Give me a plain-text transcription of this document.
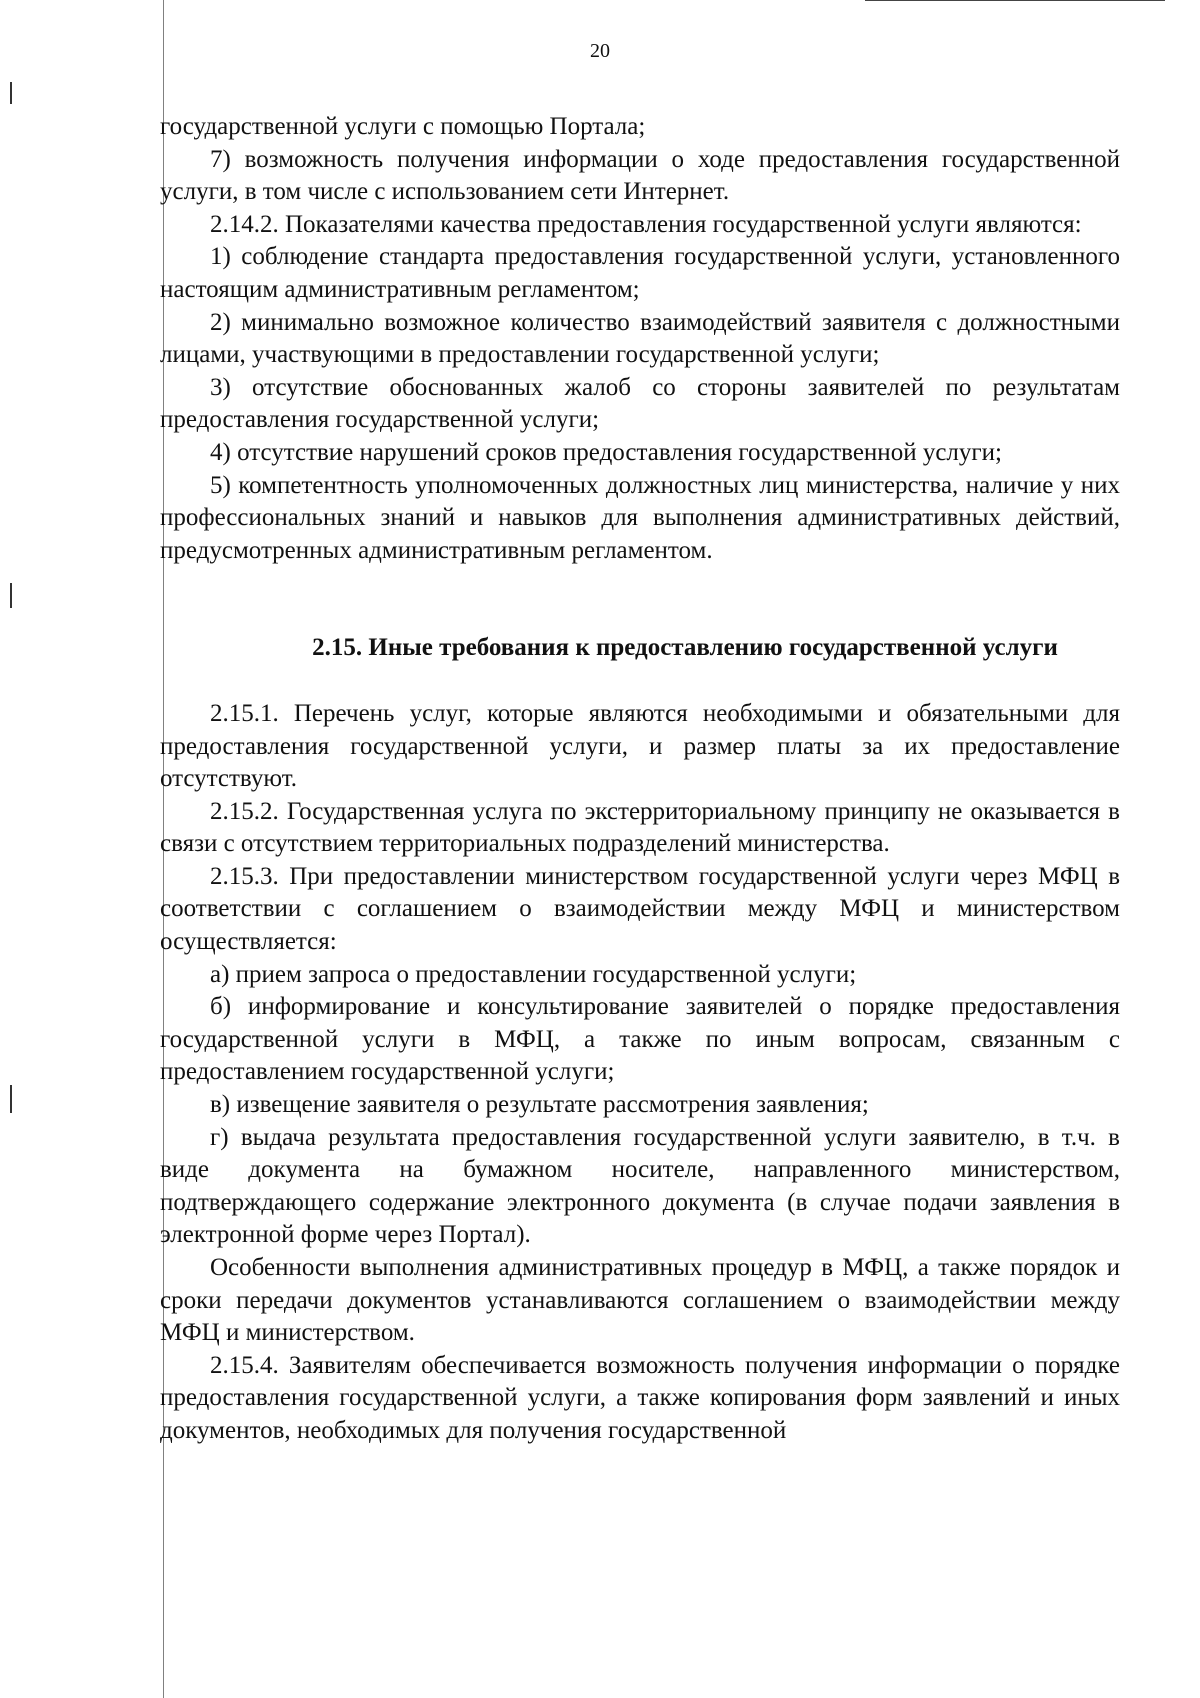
20

государственной услуги с помощью Портала;

7) возможность получения информации о ходе предоставления государственной услуги, в том числе с использованием сети Интернет.

2.14.2. Показателями качества предоставления государственной услуги являются:

1) соблюдение стандарта предоставления государственной услуги, установленного настоящим административным регламентом;

2) минимально возможное количество взаимодействий заявителя с должностными лицами, участвующими в предоставлении государственной услуги;

3) отсутствие обоснованных жалоб со стороны заявителей по результатам предоставления государственной услуги;

4) отсутствие нарушений сроков предоставления государственной услуги;

5) компетентность уполномоченных должностных лиц министерства, наличие у них профессиональных знаний и навыков для выполнения административных действий, предусмотренных административным регламентом.

2.15. Иные требования к предоставлению государственной услуги

2.15.1. Перечень услуг, которые являются необходимыми и обязательными для предоставления государственной услуги, и размер платы за их предоставление отсутствуют.

2.15.2. Государственная услуга по экстерриториальному принципу не оказывается в связи с отсутствием территориальных подразделений министерства.

2.15.3. При предоставлении министерством государственной услуги через МФЦ в соответствии с соглашением о взаимодействии между МФЦ и министерством осуществляется:

а) прием запроса о предоставлении государственной услуги;

б) информирование и консультирование заявителей о порядке предоставления государственной услуги в МФЦ, а также по иным вопросам, связанным с предоставлением государственной услуги;

в) извещение заявителя о результате рассмотрения заявления;

г) выдача результата предоставления государственной услуги заявителю, в т.ч. в виде документа на бумажном носителе, направленного министерством, подтверждающего содержание электронного документа (в случае подачи заявления в электронной форме через Портал).

Особенности выполнения административных процедур в МФЦ, а также порядок и сроки передачи документов устанавливаются соглашением о взаимодействии между МФЦ и министерством.

2.15.4. Заявителям обеспечивается возможность получения информации о порядке предоставления государственной услуги, а также копирования форм заявлений и иных документов, необходимых для получения государственной
